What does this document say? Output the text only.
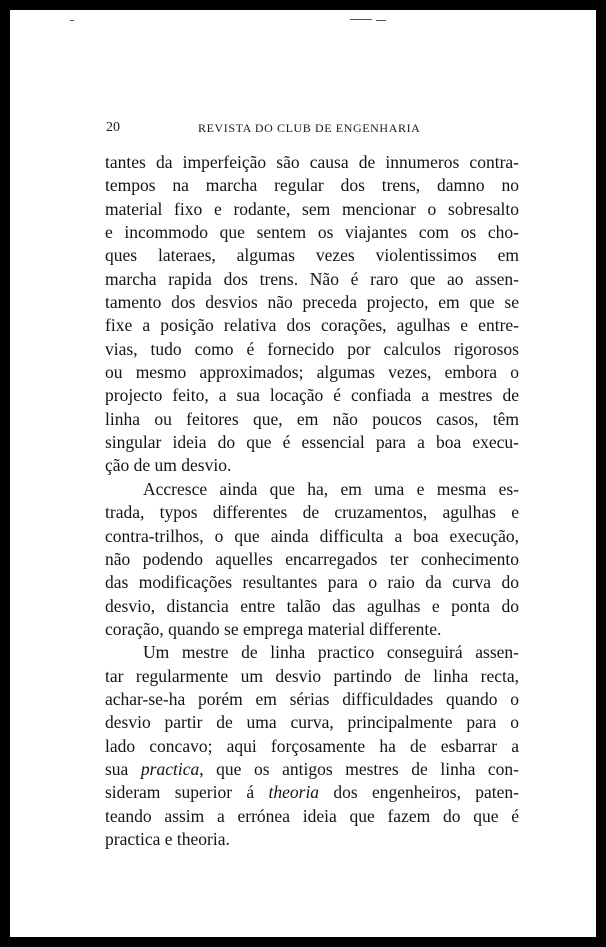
20	REVISTA DO CLUB DE ENGENHARIA

tantes da imperfeição são causa de innumeros contra-
tempos na marcha regular dos trens, damno no
material fixo e rodante, sem mencionar o sobresalto
e incommodo que sentem os viajantes com os cho-
ques lateraes, algumas vezes violentissimos em
marcha rapida dos trens. Não é raro que ao assen-
tamento dos desvios não preceda projecto, em que se
fixe a posição relativa dos corações, agulhas e entre-
vias, tudo como é fornecido por calculos rigorosos
ou mesmo approximados; algumas vezes, embora o
projecto feito, a sua locação é confiada a mestres de
linha ou feitores que, em não poucos casos, têm
singular ideia do que é essencial para a boa execu-
ção de um desvio.

Accresce ainda que ha, em uma e mesma es-
trada, typos differentes de cruzamentos, agulhas e
contra-trilhos, o que ainda difficulta a boa execução,
não podendo aquelles encarregados ter conhecimento
das modificações resultantes para o raio da curva do
desvio, distancia entre talão das agulhas e ponta do
coração, quando se emprega material differente.

Um mestre de linha practico conseguirá assen-
tar regularmente um desvio partindo de linha recta,
achar-se-ha porém em sérias difficuldades quando o
desvio partir de uma curva, principalmente para o
lado concavo; aqui forçosamente ha de esbarrar a
sua practica, que os antigos mestres de linha con-
sideram superior á theoria dos engenheiros, paten-
teando assim a errónea ideia que fazem do que é
practica e theoria.
